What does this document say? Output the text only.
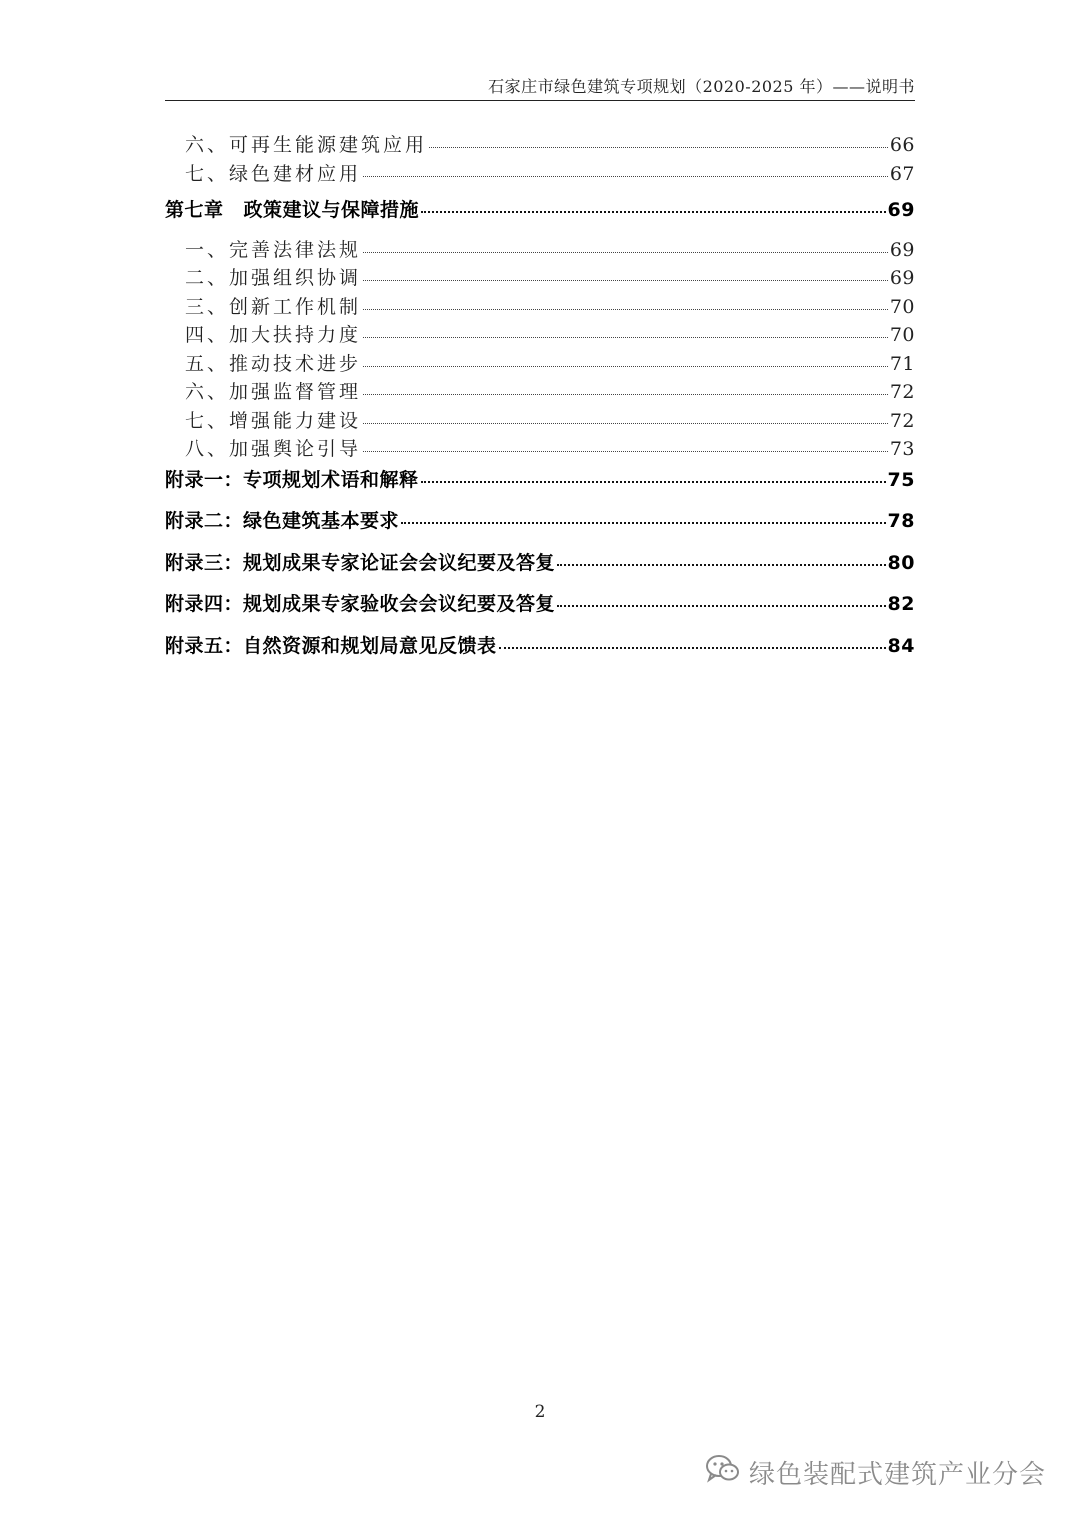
石家庄市绿色建筑专项规划（2020-2025 年）——说明书
六、可再生能源建筑应用	66
七、绿色建材应用	67
第七章 政策建议与保障措施	69
一、完善法律法规	69
二、加强组织协调	69
三、创新工作机制	70
四、加大扶持力度	70
五、推动技术进步	71
六、加强监督管理	72
七、增强能力建设	72
八、加强舆论引导	73
附录一：专项规划术语和解释	75
附录二：绿色建筑基本要求	78
附录三：规划成果专家论证会会议纪要及答复	80
附录四：规划成果专家验收会会议纪要及答复	82
附录五：自然资源和规划局意见反馈表	84
2
绿色装配式建筑产业分会
